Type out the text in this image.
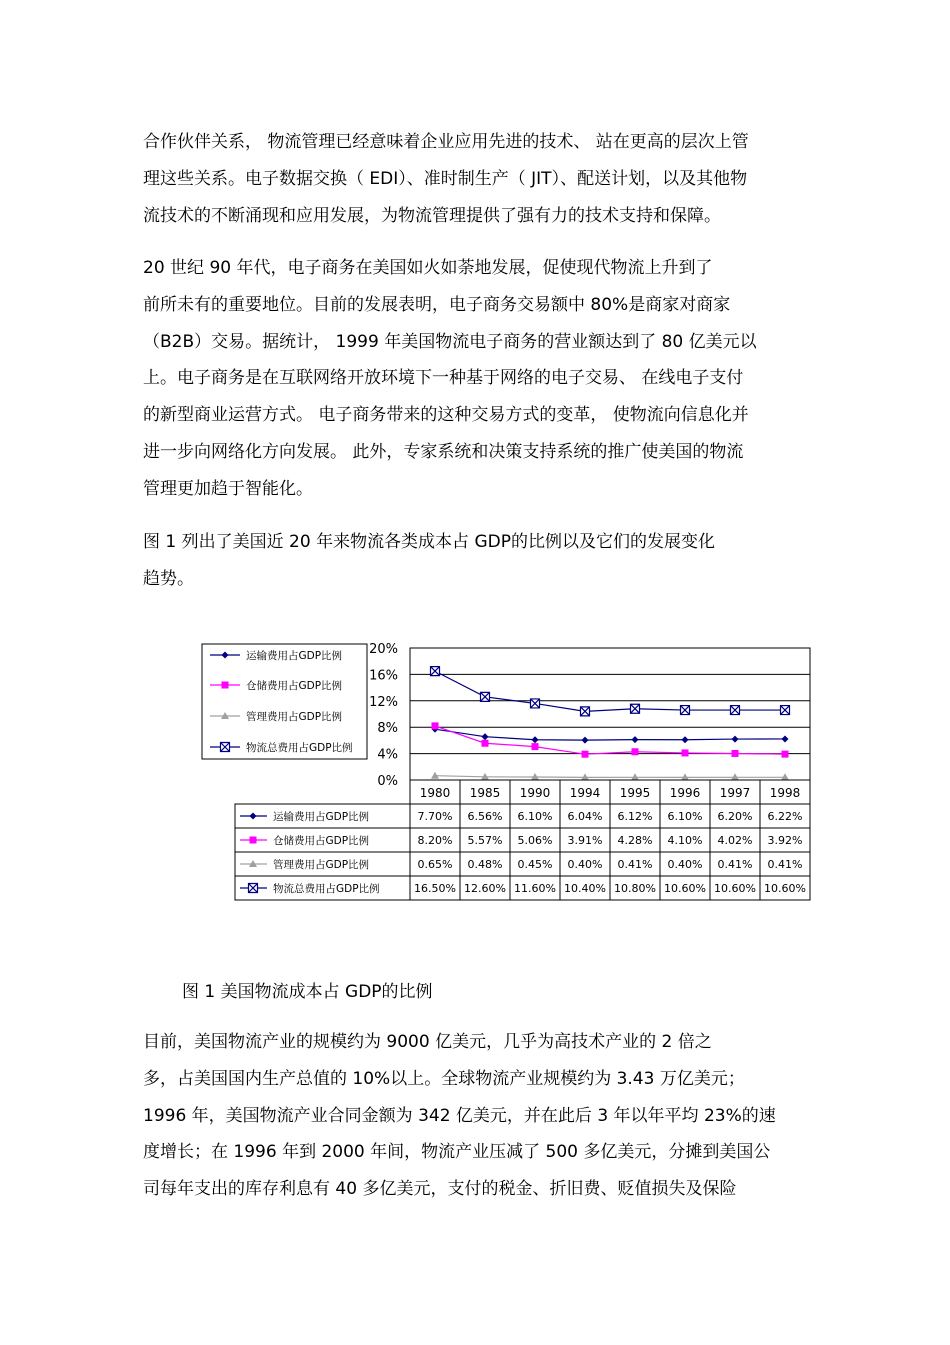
合作伙伴关系， 物流管理已经意味着企业应用先进的技术、 站在更高的层次上管
理这些关系。电子数据交换（ EDI）、准时制生产（ JIT）、配送计划，以及其他物
流技术的不断涌现和应用发展，为物流管理提供了强有力的技术支持和保障。
20 世纪 90 年代，电子商务在美国如火如荼地发展，促使现代物流上升到了
前所未有的重要地位。目前的发展表明，电子商务交易额中 80%是商家对商家
（B2B）交易。据统计， 1999 年美国物流电子商务的营业额达到了 80 亿美元以
上。电子商务是在互联网络开放环境下一种基于网络的电子交易、 在线电子支付
的新型商业运营方式。 电子商务带来的这种交易方式的变革， 使物流向信息化并
进一步向网络化方向发展。 此外，专家系统和决策支持系统的推广使美国的物流
管理更加趋于智能化。
图 1 列出了美国近 20 年来物流各类成本占 GDP的比例以及它们的发展变化
趋势。
20%
16%
12%
8%
4%
0%
运输费用占GDP比例
仓储费用占GDP比例
管理费用占GDP比例
物流总费用占GDP比例
1980 1985 1990 1994 1995 1996 1997 1998
运输费用占GDP比例	7.70% 6.56% 6.10% 6.04% 6.12% 6.10% 6.20% 6.22%
仓储费用占GDP比例	8.20% 5.57% 5.06% 3.91% 4.28% 4.10% 4.02% 3.92%
管理费用占GDP比例	0.65% 0.48% 0.45% 0.40% 0.41% 0.40% 0.41% 0.41%
物流总费用占GDP比例	16.50% 12.60% 11.60% 10.40% 10.80% 10.60% 10.60% 10.60%
图 1 美国物流成本占 GDP的比例
目前，美国物流产业的规模约为 9000 亿美元，几乎为高技术产业的 2 倍之
多，占美国国内生产总值的 10%以上。全球物流产业规模约为 3.43 万亿美元；
1996 年，美国物流产业合同金额为 342 亿美元，并在此后 3 年以年平均 23%的速
度增长；在 1996 年到 2000 年间，物流产业压减了 500 多亿美元，分摊到美国公
司每年支出的库存利息有 40 多亿美元，支付的税金、折旧费、贬值损失及保险
